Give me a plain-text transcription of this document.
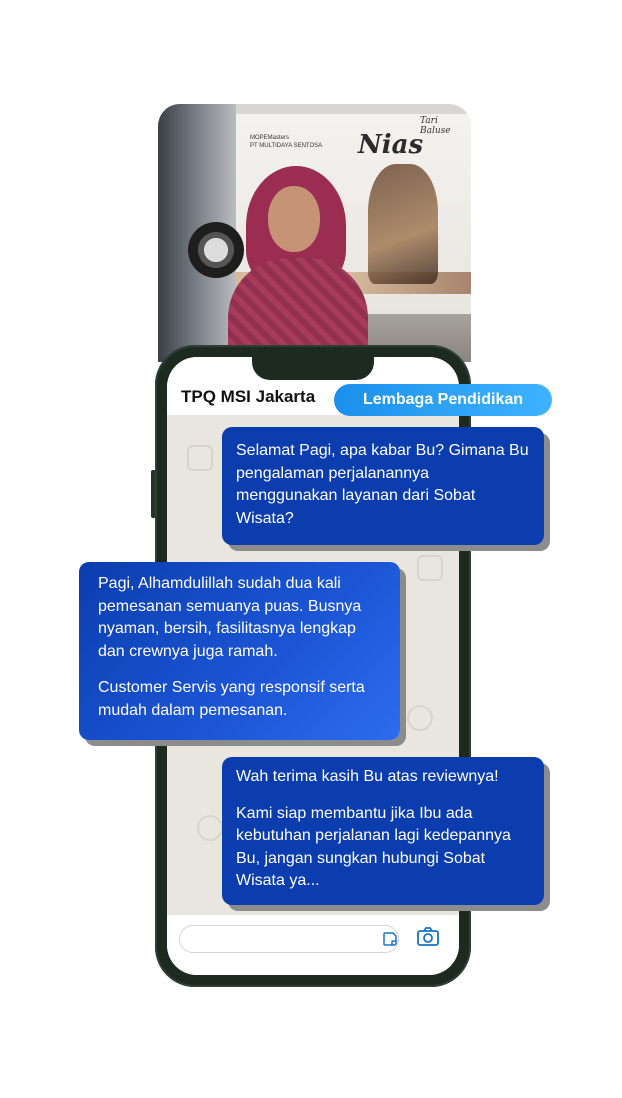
MOPEMasters
PT MULTIDAYA SENTOSA Nias
Tari Baluse
TPQ MSI Jakarta	Lembaga Pendidikan

Selamat Pagi, apa kabar Bu? Gimana Bu pengalaman perjalanannya menggunakan layanan dari Sobat Wisata?

Pagi, Alhamdulillah sudah dua kali pemesanan semuanya puas. Busnya nyaman, bersih, fasilitasnya lengkap dan crewnya juga ramah.

Customer Servis yang responsif serta mudah dalam pemesanan.

Wah terima kasih Bu atas reviewnya!

Kami siap membantu jika Ibu ada kebutuhan perjalanan lagi kedepannya Bu, jangan sungkan hubungi Sobat Wisata ya...
